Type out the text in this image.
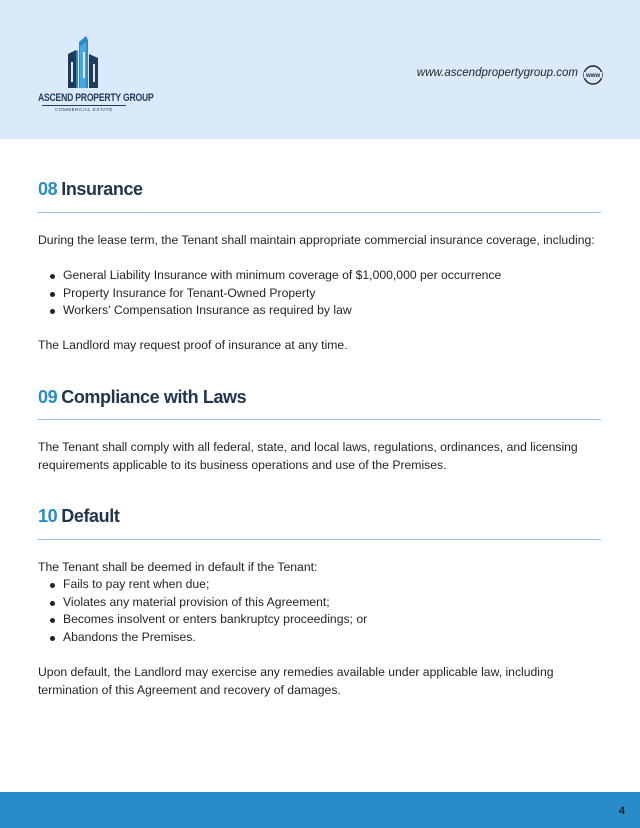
ASCEND PROPERTY GROUP
COMMERCIAL ESTATE
www.ascendpropertygroup.com www
08 Insurance

During the lease term, the Tenant shall maintain appropriate commercial insurance coverage, including:

General Liability Insurance with minimum coverage of $1,000,000 per occurrence
Property Insurance for Tenant-Owned Property
Workers' Compensation Insurance as required by law

The Landlord may request proof of insurance at any time.

09 Compliance with Laws

The Tenant shall comply with all federal, state, and local laws, regulations, ordinances, and licensing requirements applicable to its business operations and use of the Premises.

10 Default

The Tenant shall be deemed in default if the Tenant:

Fails to pay rent when due;
Violates any material provision of this Agreement;
Becomes insolvent or enters bankruptcy proceedings; or
Abandons the Premises.

Upon default, the Landlord may exercise any remedies available under applicable law, including termination of this Agreement and recovery of damages.

4
